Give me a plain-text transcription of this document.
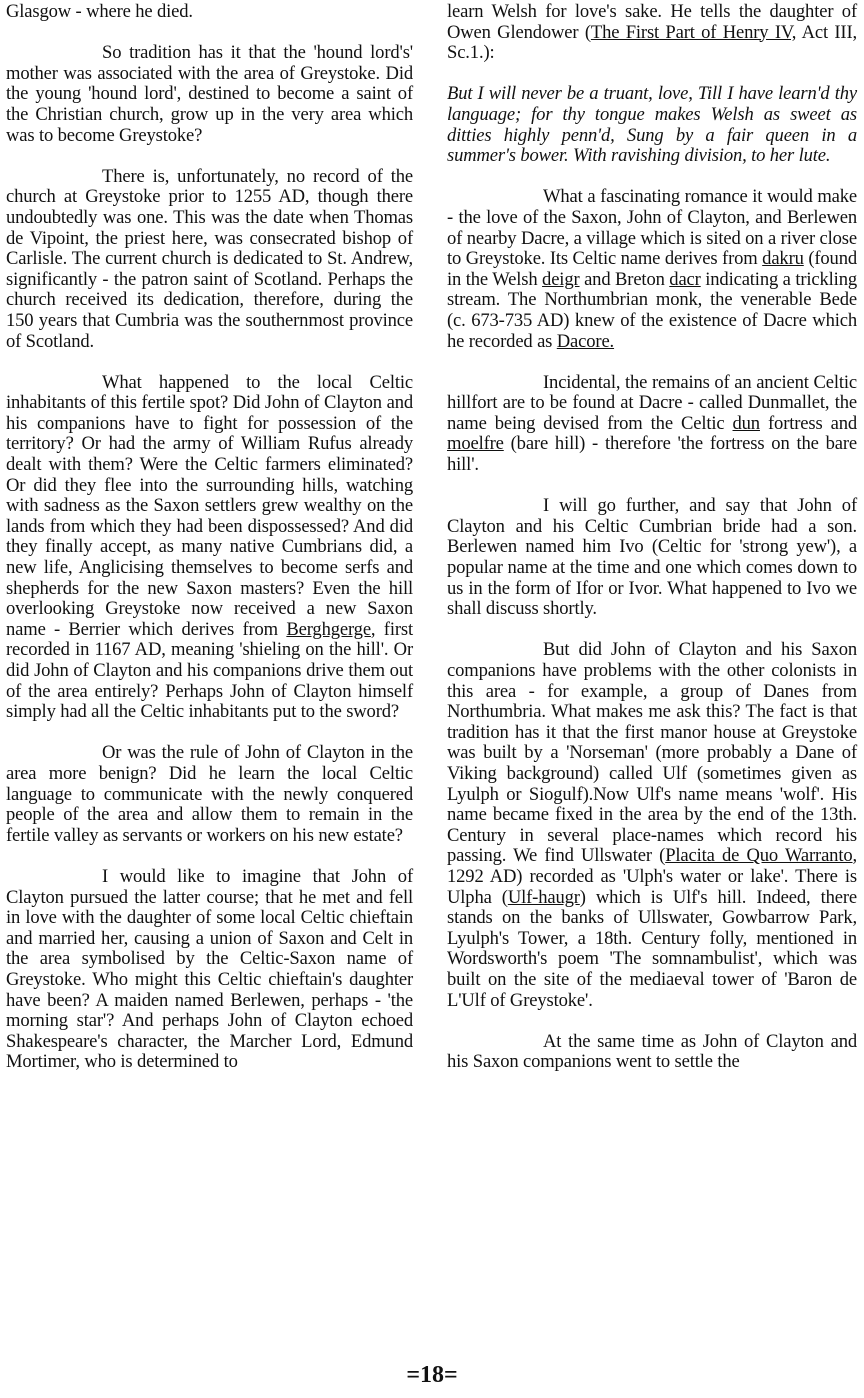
Glasgow - where he died.

So tradition has it that the 'hound lord's' mother was associated with the area of Greystoke. Did the young 'hound lord', destined to become a saint of the Christian church, grow up in the very area which was to become Greystoke?

There is, unfortunately, no record of the church at Greystoke prior to 1255 AD, though there undoubtedly was one. This was the date when Thomas de Vipoint, the priest here, was consecrated bishop of Carlisle. The current church is dedicated to St. Andrew, significantly - the patron saint of Scotland. Perhaps the church received its dedication, therefore, during the 150 years that Cumbria was the southernmost province of Scotland.

What happened to the local Celtic inhabitants of this fertile spot? Did John of Clayton and his companions have to fight for possession of the territory? Or had the army of William Rufus already dealt with them? Were the Celtic farmers eliminated? Or did they flee into the surrounding hills, watching with sadness as the Saxon settlers grew wealthy on the lands from which they had been dispossessed? And did they finally accept, as many native Cumbrians did, a new life, Anglicising themselves to become serfs and shepherds for the new Saxon masters? Even the hill overlooking Greystoke now received a new Saxon name - Berrier which derives from Berghgerge, first recorded in 1167 AD, meaning 'shieling on the hill'. Or did John of Clayton and his companions drive them out of the area entirely? Perhaps John of Clayton himself simply had all the Celtic inhabitants put to the sword?

Or was the rule of John of Clayton in the area more benign? Did he learn the local Celtic language to communicate with the newly conquered people of the area and allow them to remain in the fertile valley as servants or workers on his new estate?

I would like to imagine that John of Clayton pursued the latter course; that he met and fell in love with the daughter of some local Celtic chieftain and married her, causing a union of Saxon and Celt in the area symbolised by the Celtic-Saxon name of Greystoke. Who might this Celtic chieftain's daughter have been? A maiden named Berlewen, perhaps - 'the morning star'? And perhaps John of Clayton echoed Shakespeare's character, the Marcher Lord, Edmund Mortimer, who is determined to

learn Welsh for love's sake. He tells the daughter of Owen Glendower (The First Part of Henry IV, Act III, Sc.1.):

But I will never be a truant, love, Till I have learn'd thy language; for thy tongue makes Welsh as sweet as ditties highly penn'd, Sung by a fair queen in a summer's bower. With ravishing division, to her lute.

What a fascinating romance it would make - the love of the Saxon, John of Clayton, and Berlewen of nearby Dacre, a village which is sited on a river close to Greystoke. Its Celtic name derives from dakru (found in the Welsh deigr and Breton dacr indicating a trickling stream. The Northumbrian monk, the venerable Bede (c. 673-735 AD) knew of the existence of Dacre which he recorded as Dacore.

Incidental, the remains of an ancient Celtic hillfort are to be found at Dacre - called Dunmallet, the name being devised from the Celtic dun fortress and moelfre (bare hill) - therefore 'the fortress on the bare hill'.

I will go further, and say that John of Clayton and his Celtic Cumbrian bride had a son. Berlewen named him Ivo (Celtic for 'strong yew'), a popular name at the time and one which comes down to us in the form of Ifor or Ivor. What happened to Ivo we shall discuss shortly.

But did John of Clayton and his Saxon companions have problems with the other colonists in this area - for example, a group of Danes from Northumbria. What makes me ask this? The fact is that tradition has it that the first manor house at Greystoke was built by a 'Norseman' (more probably a Dane of Viking background) called Ulf (sometimes given as Lyulph or Siogulf).Now Ulf's name means 'wolf'. His name became fixed in the area by the end of the 13th. Century in several place-names which record his passing. We find Ullswater (Placita de Quo Warranto, 1292 AD) recorded as 'Ulph's water or lake'. There is Ulpha (Ulf-haugr) which is Ulf's hill. Indeed, there stands on the banks of Ullswater, Gowbarrow Park, Lyulph's Tower, a 18th. Century folly, mentioned in Wordsworth's poem 'The somnambulist', which was built on the site of the mediaeval tower of 'Baron de L'Ulf of Greystoke'.

At the same time as John of Clayton and his Saxon companions went to settle the

=18=
